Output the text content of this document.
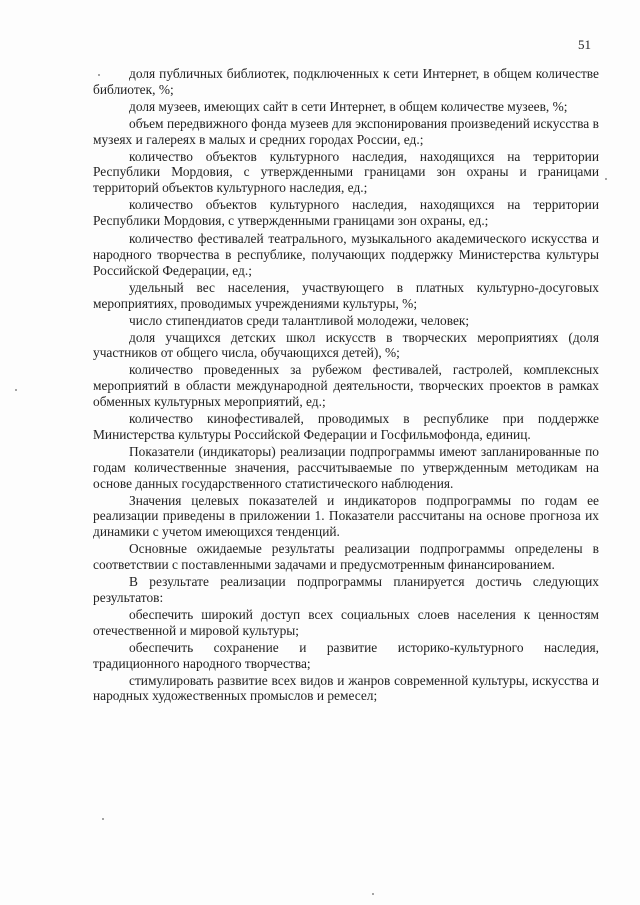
51

доля публичных библиотек, подключенных к сети Интернет, в общем количестве библиотек, %;

доля музеев, имеющих сайт в сети Интернет, в общем количестве музеев, %;

объем передвижного фонда музеев для экспонирования произведений искусства в музеях и галереях в малых и средних городах России, ед.;

количество объектов культурного наследия, находящихся на территории Республики Мордовия, с утвержденными границами зон охраны и границами территорий объектов культурного наследия, ед.;

количество объектов культурного наследия, находящихся на территории Республики Мордовия, с утвержденными границами зон охраны, ед.;

количество фестивалей театрального, музыкального академического искусства и народного творчества в республике, получающих поддержку Министерства культуры Российской Федерации, ед.;

удельный вес населения, участвующего в платных культурно-досуговых мероприятиях, проводимых учреждениями культуры, %;

число стипендиатов среди талантливой молодежи, человек;

доля учащихся детских школ искусств в творческих мероприятиях (доля участников от общего числа, обучающихся детей), %;

количество проведенных за рубежом фестивалей, гастролей, комплексных мероприятий в области международной деятельности, творческих проектов в рамках обменных культурных мероприятий, ед.;

количество кинофестивалей, проводимых в республике при поддержке Министерства культуры Российской Федерации и Госфильмофонда, единиц.

Показатели (индикаторы) реализации подпрограммы имеют запланированные по годам количественные значения, рассчитываемые по утвержденным методикам на основе данных государственного статистического наблюдения.

Значения целевых показателей и индикаторов подпрограммы по годам ее реализации приведены в приложении 1. Показатели рассчитаны на основе прогноза их динамики с учетом имеющихся тенденций.

Основные ожидаемые результаты реализации подпрограммы определены в соответствии с поставленными задачами и предусмотренным финансированием.

В результате реализации подпрограммы планируется достичь следующих результатов:

обеспечить широкий доступ всех социальных слоев населения к ценностям отечественной и мировой культуры;

обеспечить сохранение и развитие историко-культурного наследия, традиционного народного творчества;

стимулировать развитие всех видов и жанров современной культуры, искусства и народных художественных промыслов и ремесел;
